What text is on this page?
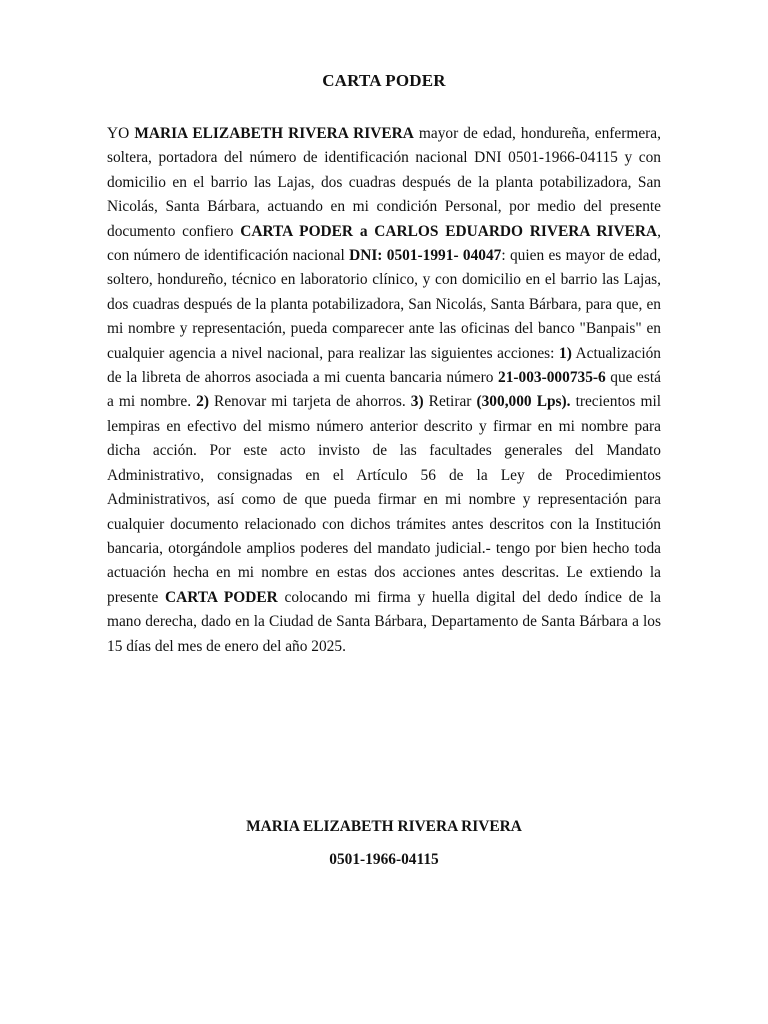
CARTA PODER

YO MARIA ELIZABETH RIVERA RIVERA mayor de edad, hondureña, enfermera, soltera, portadora del número de identificación nacional DNI 0501-1966-04115 y con domicilio en el barrio las Lajas, dos cuadras después de la planta potabilizadora, San Nicolás, Santa Bárbara, actuando en mi condición Personal, por medio del presente documento confiero CARTA PODER a CARLOS EDUARDO RIVERA RIVERA, con número de identificación nacional DNI: 0501-1991- 04047: quien es mayor de edad, soltero, hondureño, técnico en laboratorio clínico, y con domicilio en el barrio las Lajas, dos cuadras después de la planta potabilizadora, San Nicolás, Santa Bárbara, para que, en mi nombre y representación, pueda comparecer ante las oficinas del banco "Banpais" en cualquier agencia a nivel nacional, para realizar las siguientes acciones: 1) Actualización de la libreta de ahorros asociada a mi cuenta bancaria número 21-003-000735-6 que está a mi nombre. 2) Renovar mi tarjeta de ahorros. 3) Retirar (300,000 Lps). trecientos mil lempiras en efectivo del mismo número anterior descrito y firmar en mi nombre para dicha acción. Por este acto invisto de las facultades generales del Mandato Administrativo, consignadas en el Artículo 56 de la Ley de Procedimientos Administrativos, así como de que pueda firmar en mi nombre y representación para cualquier documento relacionado con dichos trámites antes descritos con la Institución bancaria, otorgándole amplios poderes del mandato judicial.- tengo por bien hecho toda actuación hecha en mi nombre en estas dos acciones antes descritas. Le extiendo la presente CARTA PODER colocando mi firma y huella digital del dedo índice de la mano derecha, dado en la Ciudad de Santa Bárbara, Departamento de Santa Bárbara a los 15 días del mes de enero del año 2025.

MARIA ELIZABETH RIVERA RIVERA
0501-1966-04115
